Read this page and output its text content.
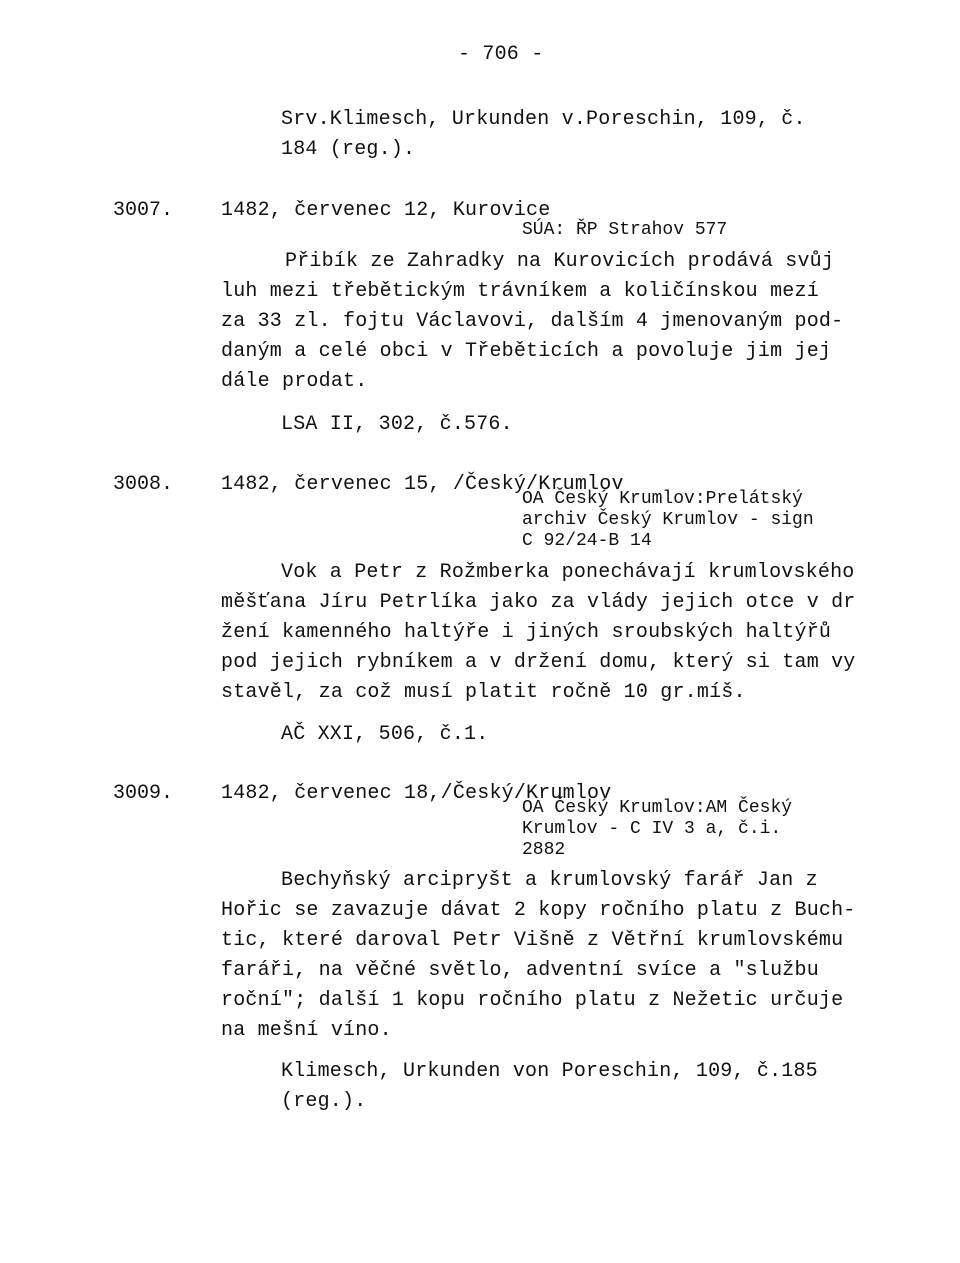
- 706 -
Srv.Klimesch, Urkunden v.Poreschin, 109, č.
184 (reg.).
3007. 1482, červenec 12, Kurovice
SÚA: ŘP Strahov 577
Přibík ze Zahradky na Kurovicích prodává svůj
luh mezi třebětickým trávníkem a količínskou mezí
za 33 zl. fojtu Václavovi, dalším 4 jmenovaným pod-
daným a celé obci v Třeběticích a povoluje jim jej
dále prodat.
LSA II, 302, č.576.
3008. 1482, červenec 15, /Český/Krumlov
OA Český Krumlov:Prelátský
archiv Český Krumlov - sign
C 92/24-B 14
Vok a Petr z Rožmberka ponechávají krumlovského
měšťana Jíru Petrlíka jako za vlády jejich otce v dr
žení kamenného haltýře i jiných sroubských haltýřů
pod jejich rybníkem a v držení domu, který si tam vy
stavěl, za což musí platit ročně 10 gr.míš.
AČ XXI, 506, č.1.
3009. 1482, červenec 18,/Český/Krumlov
OA Český Krumlov:AM Český
Krumlov - C IV 3 a, č.i.
2882
Bechyňský arcipryšt a krumlovský farář Jan z
Hořic se zavazuje dávat 2 kopy ročního platu z Buch-
tic, které daroval Petr Višně z Větřní krumlovskému
faráři, na věčné světlo, adventní svíce a "službu
roční"; další 1 kopu ročního platu z Nežetic určuje
na mešní víno.
Klimesch, Urkunden von Poreschin, 109, č.185
(reg.).
